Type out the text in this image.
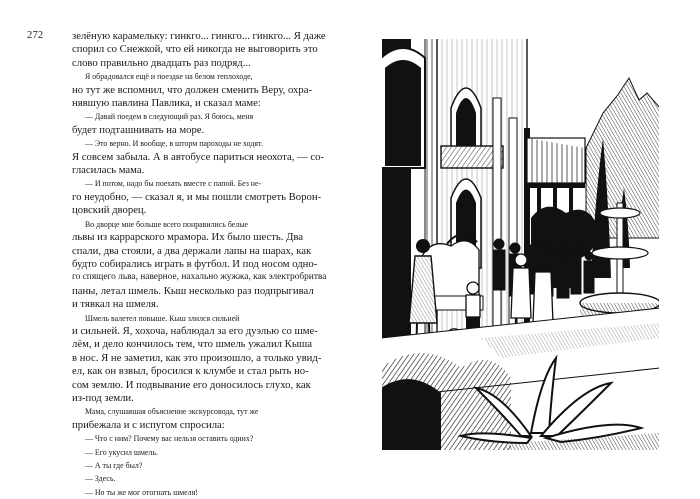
272	зелёную карамельку: гинкго... гинкго... гинкго... Я даже
спорил со Снежкой, что ей никогда не выговорить это
слово правильно двадцать раз подряд...
Я обрадовался ещё и поездке на белом теплоходе,
но тут же вспомнил, что должен сменить Веру, охра-
нявшую павлина Павлика, и сказал маме:
— Давай поедем в следующий раз. Я боюсь, меня
будет подташнивать на море.
— Это верно. И вообще, в шторм пароходы не ходят.
Я совсем забыла. А в автобусе париться неохота, — со-
гласилась мама.
— И потом, надо бы поехать вместе с папой. Без не-
го неудобно, — сказал я, и мы пошли смотреть Ворон-
цовский дворец.
Во дворце мне больше всего понравились белые
львы из каррарского мрамора. Их было шесть. Два
спали, два стояли, а два держали лапы на шарах, как
будто собирались играть в футбол. И под носом одно-
го спящего льва, наверное, нахально жужжа, как электробритва
паны, летал шмель. Кыш несколько раз подпрыгивал
и тявкал на шмеля.
Шмель валетел повыше. Кыш злился сильней
и сильней. Я, хохоча, наблюдал за его дуэлью со шме-
лём, и дело кончилось тем, что шмель ужалил Кыша
в нос. Я не заметил, как это произошло, а только увид-
ел, как он взвыл, бросился к клумбе и стал рыть но-
сом землю. И подвывание его доносилось глухо, как
из-под земли.
Мама, слушавшая объяснение экскурсовода, тут же
прибежала и с испугом спросила:
— Что с ним? Почему вас нельзя оставить одних?
— Его укусил шмель.
— А ты где был?
— Здесь.
— Но ты же мог отогнать шмеля!
